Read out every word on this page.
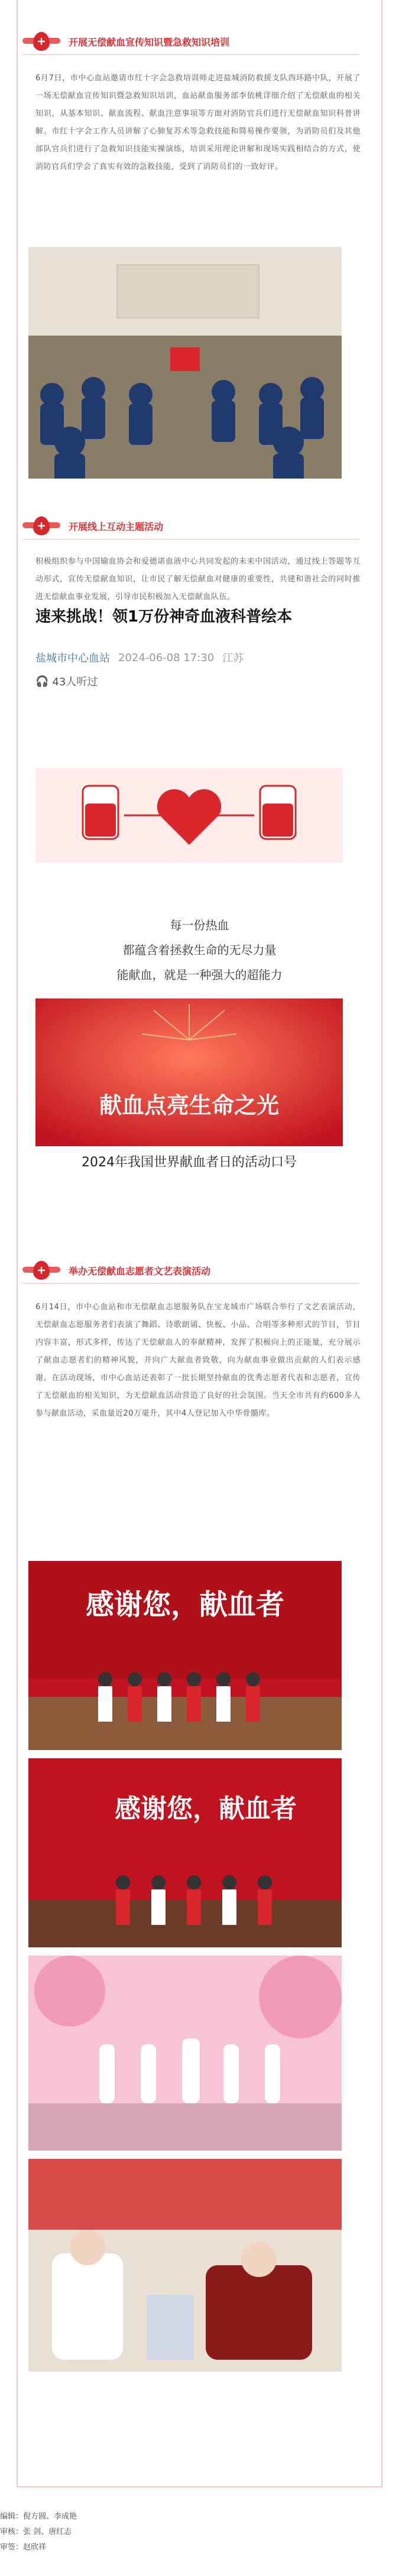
开展无偿献血宣传知识暨急救知识培训

6月7日，市中心血站邀请市红十字会急救培训师走进盐城消防救援支队西环路中队，开展了一场无偿献血宣传知识暨急救知识培训，血站献血服务部李依桃详细介绍了无偿献血的相关知识，从基本知识、献血流程、献血注意事项等方面对消防官兵们进行无偿献血知识科普讲解。市红十字会工作人员讲解了心肺复苏术等急救技能和简易操作要领，为消防员们及其他部队官兵们进行了急救知识技能实操演练，培训采用理论讲解和现场实践相结合的方式，使消防官兵们学会了真实有效的急救技能，受到了消防员们的一致好评。

开展线上互动主题活动

积极组织参与中国输血协会和爱德诺血液中心共同发起的未来中国活动，通过线上答题等互动形式，宣传无偿献血知识，让市民了解无偿献血对健康的重要性，共建和谐社会的同时推进无偿献血事业发展，引导市民积极加入无偿献血队伍。

速来挑战！领1万份神奇血液科普绘本
盐城市中心血站 2024-06-08 17:30 江苏
🎧 43人听过
每一份热血
都蕴含着拯救生命的无尽力量
能献血，就是一种强大的超能力
献血点亮生命之光
2024年我国世界献血者日的活动口号
举办无偿献血志愿者文艺表演活动

6月14日，市中心血站和市无偿献血志愿服务队在宝龙城市广场联合举行了文艺表演活动，无偿献血志愿服务者们表演了舞蹈、诗歌朗诵、快板、小品、合唱等多种形式的节目，节目内容丰富，形式多样，传达了无偿献血人的奉献精神，发挥了积极向上的正能量，充分展示了献血志愿者们的精神风貌，并向广大献血者致敬，向为献血事业做出贡献的人们表示感谢。在活动现场，市中心血站还表彰了一批长期坚持献血的优秀志愿者代表和志愿者，宣传了无偿献血的相关知识，为无偿献血活动营造了良好的社会氛围。当天全市共有约600多人参与献血活动，采血量近20万毫升，其中4人登记加入中华骨髓库。

感谢您，献血者
感谢您，献血者
编辑：倪方圆、李成艳
审核：张 剑、唐红志
审签：赵欣祥
